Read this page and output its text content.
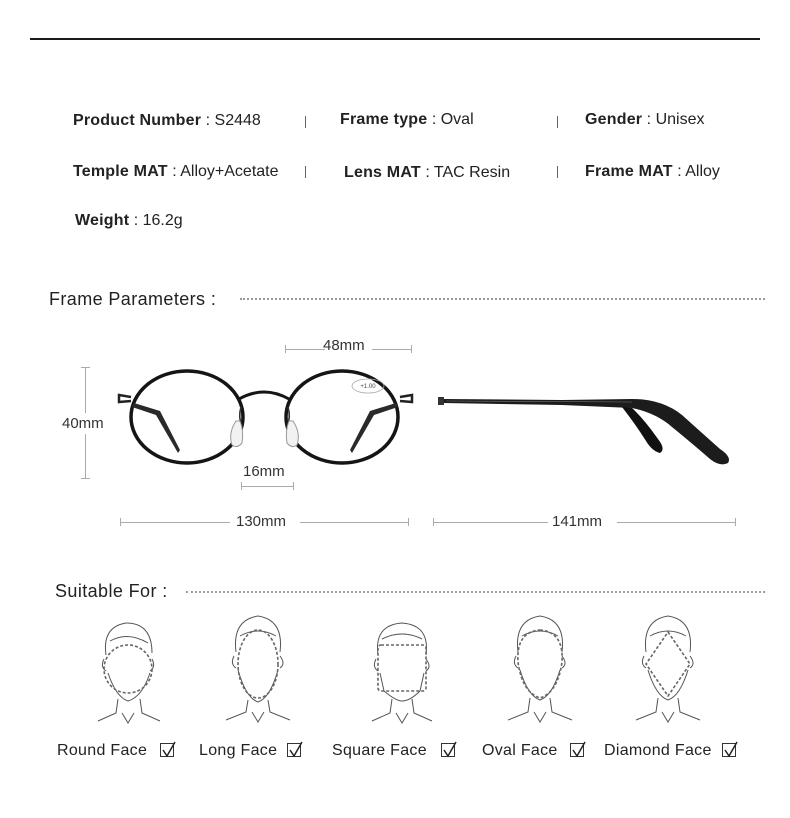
Product Number : S2448	Frame type : Oval	Gender : Unisex
Temple MAT : Alloy+Acetate	Lens MAT : TAC Resin	Frame MAT : Alloy
Weight : 16.2g
Frame Parameters :
+1.00
48mm
40mm
16mm
130mm	141mm
Suitable For :
Round Face	Long Face	Square Face	Oval Face	Diamond Face
